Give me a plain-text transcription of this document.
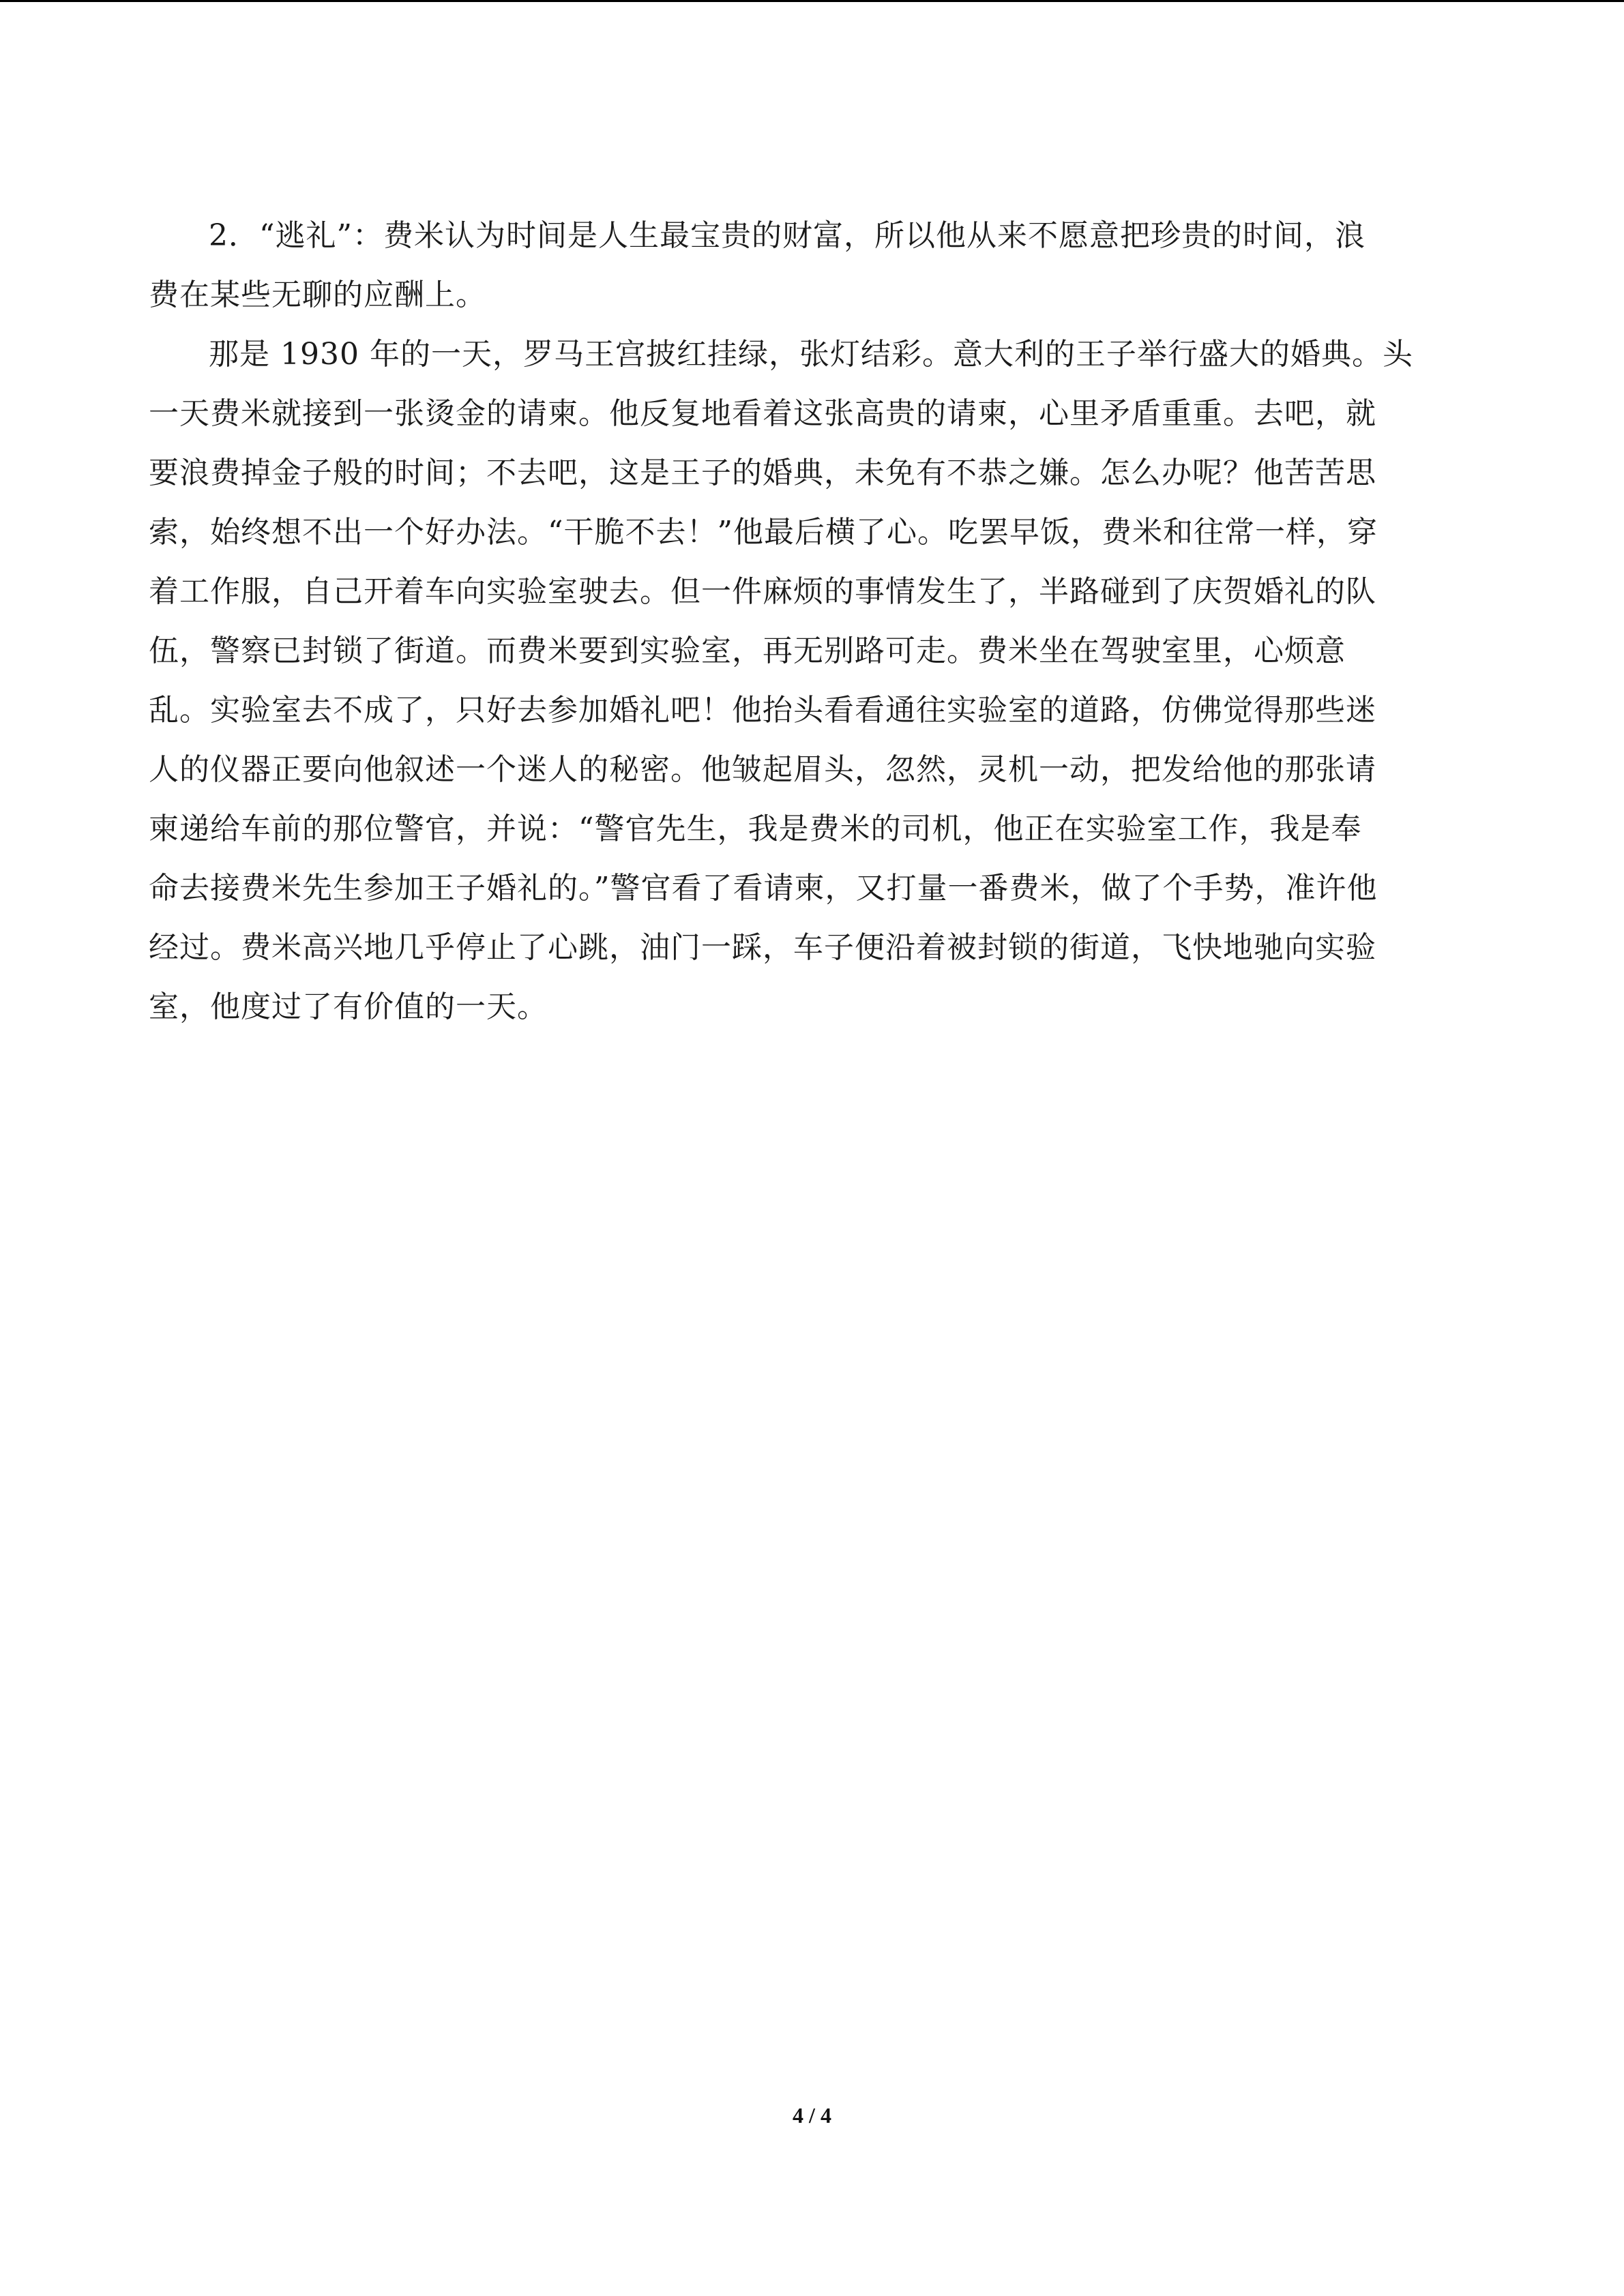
2．“逃礼”：费米认为时间是人生最宝贵的财富，所以他从来不愿意把珍贵的时间，浪
费在某些无聊的应酬上。

那是 1930 年的一天，罗马王宫披红挂绿，张灯结彩。意大利的王子举行盛大的婚典。头
一天费米就接到一张烫金的请柬。他反复地看着这张高贵的请柬，心里矛盾重重。去吧，就
要浪费掉金子般的时间；不去吧，这是王子的婚典，未免有不恭之嫌。怎么办呢？他苦苦思
索，始终想不出一个好办法。“干脆不去！”他最后横了心。吃罢早饭，费米和往常一样，穿
着工作服，自己开着车向实验室驶去。但一件麻烦的事情发生了，半路碰到了庆贺婚礼的队
伍，警察已封锁了街道。而费米要到实验室，再无别路可走。费米坐在驾驶室里，心烦意
乱。实验室去不成了，只好去参加婚礼吧！他抬头看看通往实验室的道路，仿佛觉得那些迷
人的仪器正要向他叙述一个迷人的秘密。他皱起眉头，忽然，灵机一动，把发给他的那张请
柬递给车前的那位警官，并说：“警官先生，我是费米的司机，他正在实验室工作，我是奉
命去接费米先生参加王子婚礼的。”警官看了看请柬，又打量一番费米，做了个手势，准许他
经过。费米高兴地几乎停止了心跳，油门一踩，车子便沿着被封锁的街道，飞快地驰向实验
室，他度过了有价值的一天。

4 / 4
